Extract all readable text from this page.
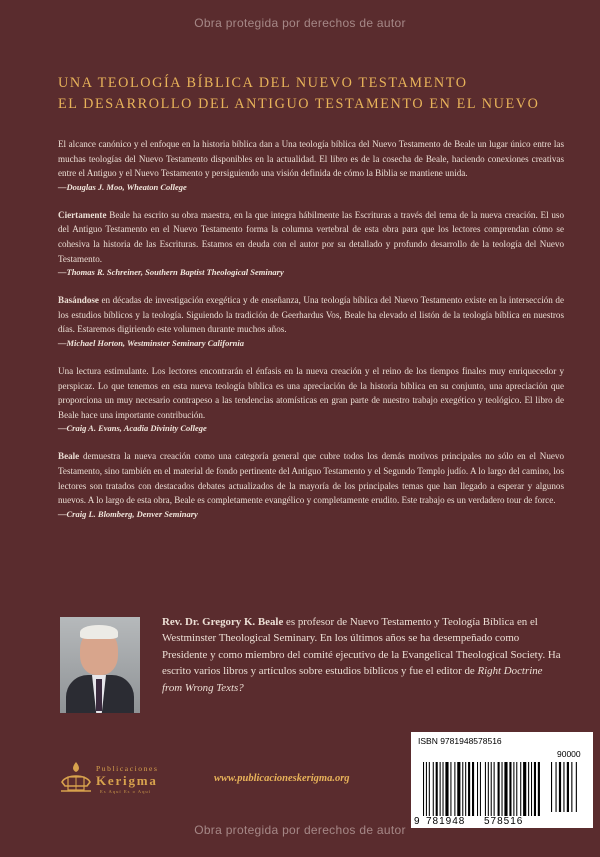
Obra protegida por derechos de autor
UNA TEOLOGÍA BÍBLICA DEL NUEVO TESTAMENTO
EL DESARROLLO DEL ANTIGUO TESTAMENTO EN EL NUEVO

El alcance canónico y el enfoque en la historia bíblica dan a Una teología bíblica del Nuevo Testamento de Beale un lugar único entre las muchas teologías del Nuevo Testamento disponibles en la actualidad. El libro es de la cosecha de Beale, haciendo conexiones creativas entre el Antiguo y el Nuevo Testamento y persiguiendo una visión definida de cómo la Biblia se mantiene unida.

—Douglas J. Moo, Wheaton College

Ciertamente Beale ha escrito su obra maestra, en la que integra hábilmente las Escrituras a través del tema de la nueva creación. El uso del Antiguo Testamento en el Nuevo Testamento forma la columna vertebral de esta obra para que los lectores comprendan cómo se cohesiva la historia de las Escrituras. Estamos en deuda con el autor por su detallado y profundo desarrollo de la teología del Nuevo Testamento.

—Thomas R. Schreiner, Southern Baptist Theological Seminary

Basándose en décadas de investigación exegética y de enseñanza, Una teología bíblica del Nuevo Testamento existe en la intersección de los estudios bíblicos y la teología. Siguiendo la tradición de Geerhardus Vos, Beale ha elevado el listón de la teología bíblica en nuestros días. Estaremos digiriendo este volumen durante muchos años.

—Michael Horton, Westminster Seminary California

Una lectura estimulante. Los lectores encontrarán el énfasis en la nueva creación y el reino de los tiempos finales muy enriquecedor y perspicaz. Lo que tenemos en esta nueva teología bíblica es una apreciación de la historia bíblica en su conjunto, una apreciación que proporciona un muy necesario contrapeso a las tendencias atomísticas en gran parte de nuestro trabajo exegético y teológico. El libro de Beale hace una importante contribución.

—Craig A. Evans, Acadia Divinity College

Beale demuestra la nueva creación como una categoría general que cubre todos los demás motivos principales no sólo en el Nuevo Testamento, sino también en el material de fondo pertinente del Antiguo Testamento y el Segundo Templo judío. A lo largo del camino, los lectores son tratados con destacados debates actualizados de la mayoría de los principales temas que han llegado a esperar y algunos nuevos. A lo largo de esta obra, Beale es completamente evangélico y completamente erudito. Este trabajo es un verdadero tour de force.

—Craig L. Blomberg, Denver Seminary
Rev. Dr. Gregory K. Beale es profesor de Nuevo Testamento y Teología Bíblica en el Westminster Theological Seminary. En los últimos años se ha desempeñado como Presidente y como miembro del comité ejecutivo de la Evangelical Theological Society. Ha escrito varios libros y artículos sobre estudios bíblicos y fue el editor de Right Doctrine from Wrong Texts?
Publicaciones
Kerigma
Es Aquí Es o Aquí
www.publicacioneskerigma.org
ISBN 9781948578516
90000
9 781948 578516
Obra protegida por derechos de autor
